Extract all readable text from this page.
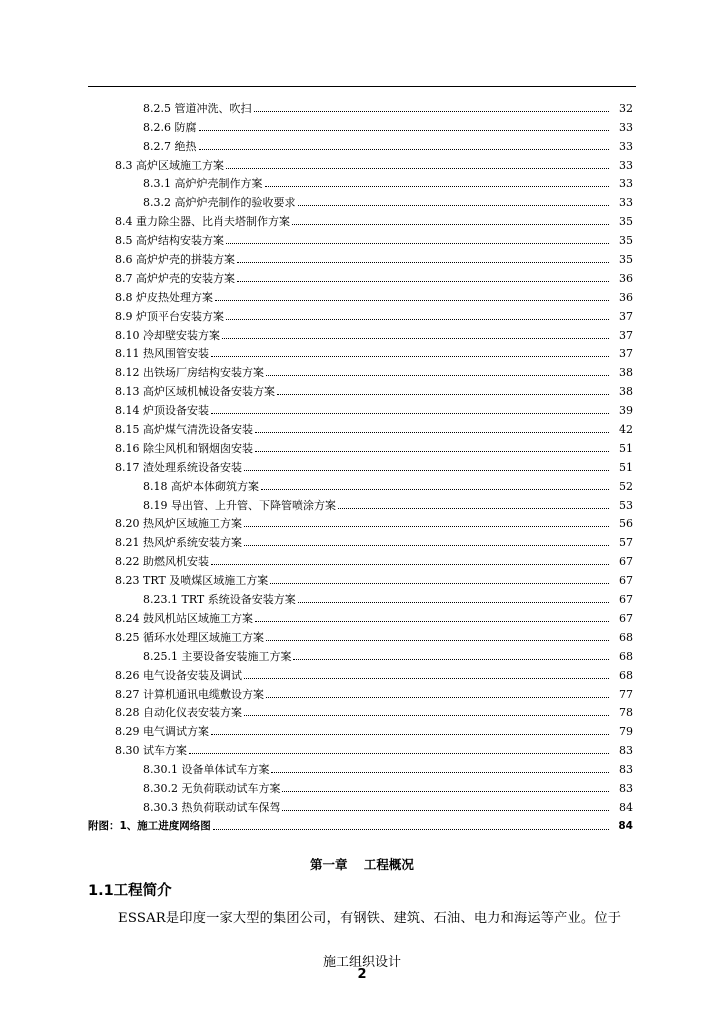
8.2.5 管道冲洗、吹扫	32
8.2.6 防腐	33
8.2.7 绝热	33
8.3 高炉区域施工方案	33
8.3.1 高炉炉壳制作方案	33
8.3.2 高炉炉壳制作的验收要求	33
8.4 重力除尘器、比肖夫塔制作方案	35
8.5 高炉结构安装方案	35
8.6 高炉炉壳的拼装方案	35
8.7 高炉炉壳的安装方案	36
8.8 炉皮热处理方案	36
8.9 炉顶平台安装方案	37
8.10 冷却壁安装方案	37
8.11 热风围管安装	37
8.12 出铁场厂房结构安装方案	38
8.13 高炉区域机械设备安装方案	38
8.14 炉顶设备安装	39
8.15 高炉煤气清洗设备安装	42
8.16 除尘风机和钢烟囱安装	51
8.17 渣处理系统设备安装	51
8.18 高炉本体砌筑方案	52
8.19 导出管、上升管、下降管喷涂方案	53
8.20 热风炉区域施工方案	56
8.21 热风炉系统安装方案	57
8.22 助燃风机安装	67
8.23 TRT 及喷煤区域施工方案	67
8.23.1 TRT 系统设备安装方案	67
8.24 鼓风机站区域施工方案	67
8.25 循环水处理区域施工方案	68
8.25.1 主要设备安装施工方案	68
8.26 电气设备安装及调试	68
8.27 计算机通讯电缆敷设方案	77
8.28 自动化仪表安装方案	78
8.29 电气调试方案	79
8.30 试车方案	83
8.30.1 设备单体试车方案	83
8.30.2 无负荷联动试车方案	83
8.30.3 热负荷联动试车保驾	84
附图：1、施工进度网络图	84
第一章 工程概况
1.1工程简介
ESSAR是印度一家大型的集团公司，有钢铁、建筑、石油、电力和海运等产业。位于
施工组织设计
2
